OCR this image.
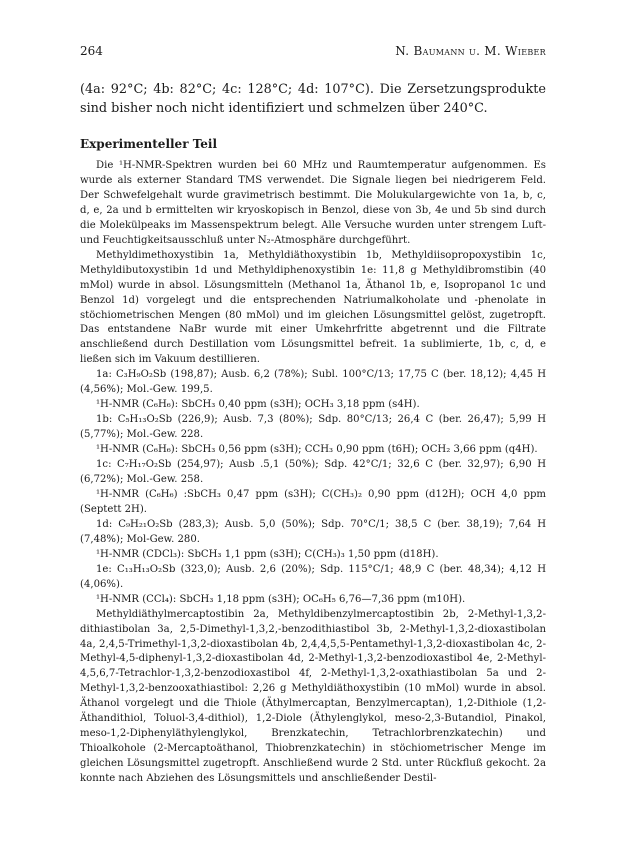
264	N. Baumann u. M. Wieber

(4a: 92°C; 4b: 82°C; 4c: 128°C; 4d: 107°C). Die Zersetzungsprodukte sind bisher noch nicht identifiziert und schmelzen über 240°C.

Experimenteller Teil

Die ¹H-NMR-Spektren wurden bei 60 MHz und Raumtemperatur aufgenommen. Es wurde als externer Standard TMS verwendet. Die Signale liegen bei niedrigerem Feld. Der Schwefelgehalt wurde gravimetrisch bestimmt. Die Molukulargewichte von 1a, b, c, d, e, 2a und b ermittelten wir kryoskopisch in Benzol, diese von 3b, 4e und 5b sind durch die Molekülpeaks im Massenspektrum belegt. Alle Versuche wurden unter strengem Luft- und Feuchtigkeitsausschluß unter N₂-Atmosphäre durchgeführt.

Methyldimethoxystibin 1a, Methyldiäthoxystibin 1b, Methyldiisopropoxystibin 1c, Methyldibutoxystibin 1d und Methyldiphenoxystibin 1e: 11,8 g Methyldibromstibin (40 mMol) wurde in absol. Lösungsmitteln (Methanol 1a, Äthanol 1b, e, Isopropanol 1c und Benzol 1d) vorgelegt und die entsprechenden Natriumalkoholate und -phenolate in stöchiometrischen Mengen (80 mMol) und im gleichen Lösungsmittel gelöst, zugetropft. Das entstandene NaBr wurde mit einer Umkehrfritte abgetrennt und die Filtrate anschließend durch Destillation vom Lösungsmittel befreit. 1a sublimierte, 1b, c, d, e ließen sich im Vakuum destillieren.

1a: C₃H₉O₂Sb (198,87); Ausb. 6,2 (78%); Subl. 100°C/13; 17,75 C (ber. 18,12); 4,45 H (4,56%); Mol.-Gew. 199,5.

¹H-NMR (C₆H₆): SbCH₃ 0,40 ppm (s3H); OCH₃ 3,18 ppm (s4H).

1b: C₅H₁₃O₂Sb (226,9); Ausb. 7,3 (80%); Sdp. 80°C/13; 26,4 C (ber. 26,47); 5,99 H (5,77%); Mol.-Gew. 228.

¹H-NMR (C₆H₆): SbCH₃ 0,56 ppm (s3H); CCH₃ 0,90 ppm (t6H); OCH₂ 3,66 ppm (q4H).

1c: C₇H₁₇O₂Sb (254,97); Ausb .5,1 (50%); Sdp. 42°C/1; 32,6 C (ber. 32,97); 6,90 H (6,72%); Mol.-Gew. 258.

¹H-NMR (C₆H₆) :SbCH₃ 0,47 ppm (s3H); C(CH₃)₂ 0,90 ppm (d12H); OCH 4,0 ppm (Septett 2H).

1d: C₉H₂₁O₂Sb (283,3); Ausb. 5,0 (50%); Sdp. 70°C/1; 38,5 C (ber. 38,19); 7,64 H (7,48%); Mol-Gew. 280.

¹H-NMR (CDCl₃): SbCH₃ 1,1 ppm (s3H); C(CH₃)₃ 1,50 ppm (d18H).

1e: C₁₃H₁₃O₂Sb (323,0); Ausb. 2,6 (20%); Sdp. 115°C/1; 48,9 C (ber. 48,34); 4,12 H (4,06%).

¹H-NMR (CCl₄): SbCH₃ 1,18 ppm (s3H); OC₆H₅ 6,76—7,36 ppm (m10H).

Methyldiäthylmercaptostibin 2a, Methyldibenzylmercaptostibin 2b, 2-Methyl-1,3,2-dithiastibolan 3a, 2,5-Dimethyl-1,3,2,-benzodithiastibol 3b, 2-Methyl-1,3,2-dioxastibolan 4a, 2,4,5-Trimethyl-1,3,2-dioxastibolan 4b, 2,4,4,5,5-Pentamethyl-1,3,2-dioxastibolan 4c, 2-Methyl-4,5-diphenyl-1,3,2-dioxastibolan 4d, 2-Methyl-1,3,2-benzodioxastibol 4e, 2-Methyl-4,5,6,7-Tetrachlor-1,3,2-benzodioxastibol 4f, 2-Methyl-1,3,2-oxathiastibolan 5a und 2-Methyl-1,3,2-benzooxathiastibol: 2,26 g Methyldiäthoxystibin (10 mMol) wurde in absol. Äthanol vorgelegt und die Thiole (Äthylmercaptan, Benzylmercaptan), 1,2-Dithiole (1,2-Äthandithiol, Toluol-3,4-dithiol), 1,2-Diole (Äthylenglykol, meso-2,3-Butandiol, Pinakol, meso-1,2-Diphenyläthylenglykol, Brenzkatechin, Tetrachlorbrenzkatechin) und Thioalkohole (2-Mercaptoäthanol, Thiobrenzkatechin) in stöchiometrischer Menge im gleichen Lösungsmittel zugetropft. Anschließend wurde 2 Std. unter Rückfluß gekocht. 2a konnte nach Abziehen des Lösungsmittels und anschließender Destil-
